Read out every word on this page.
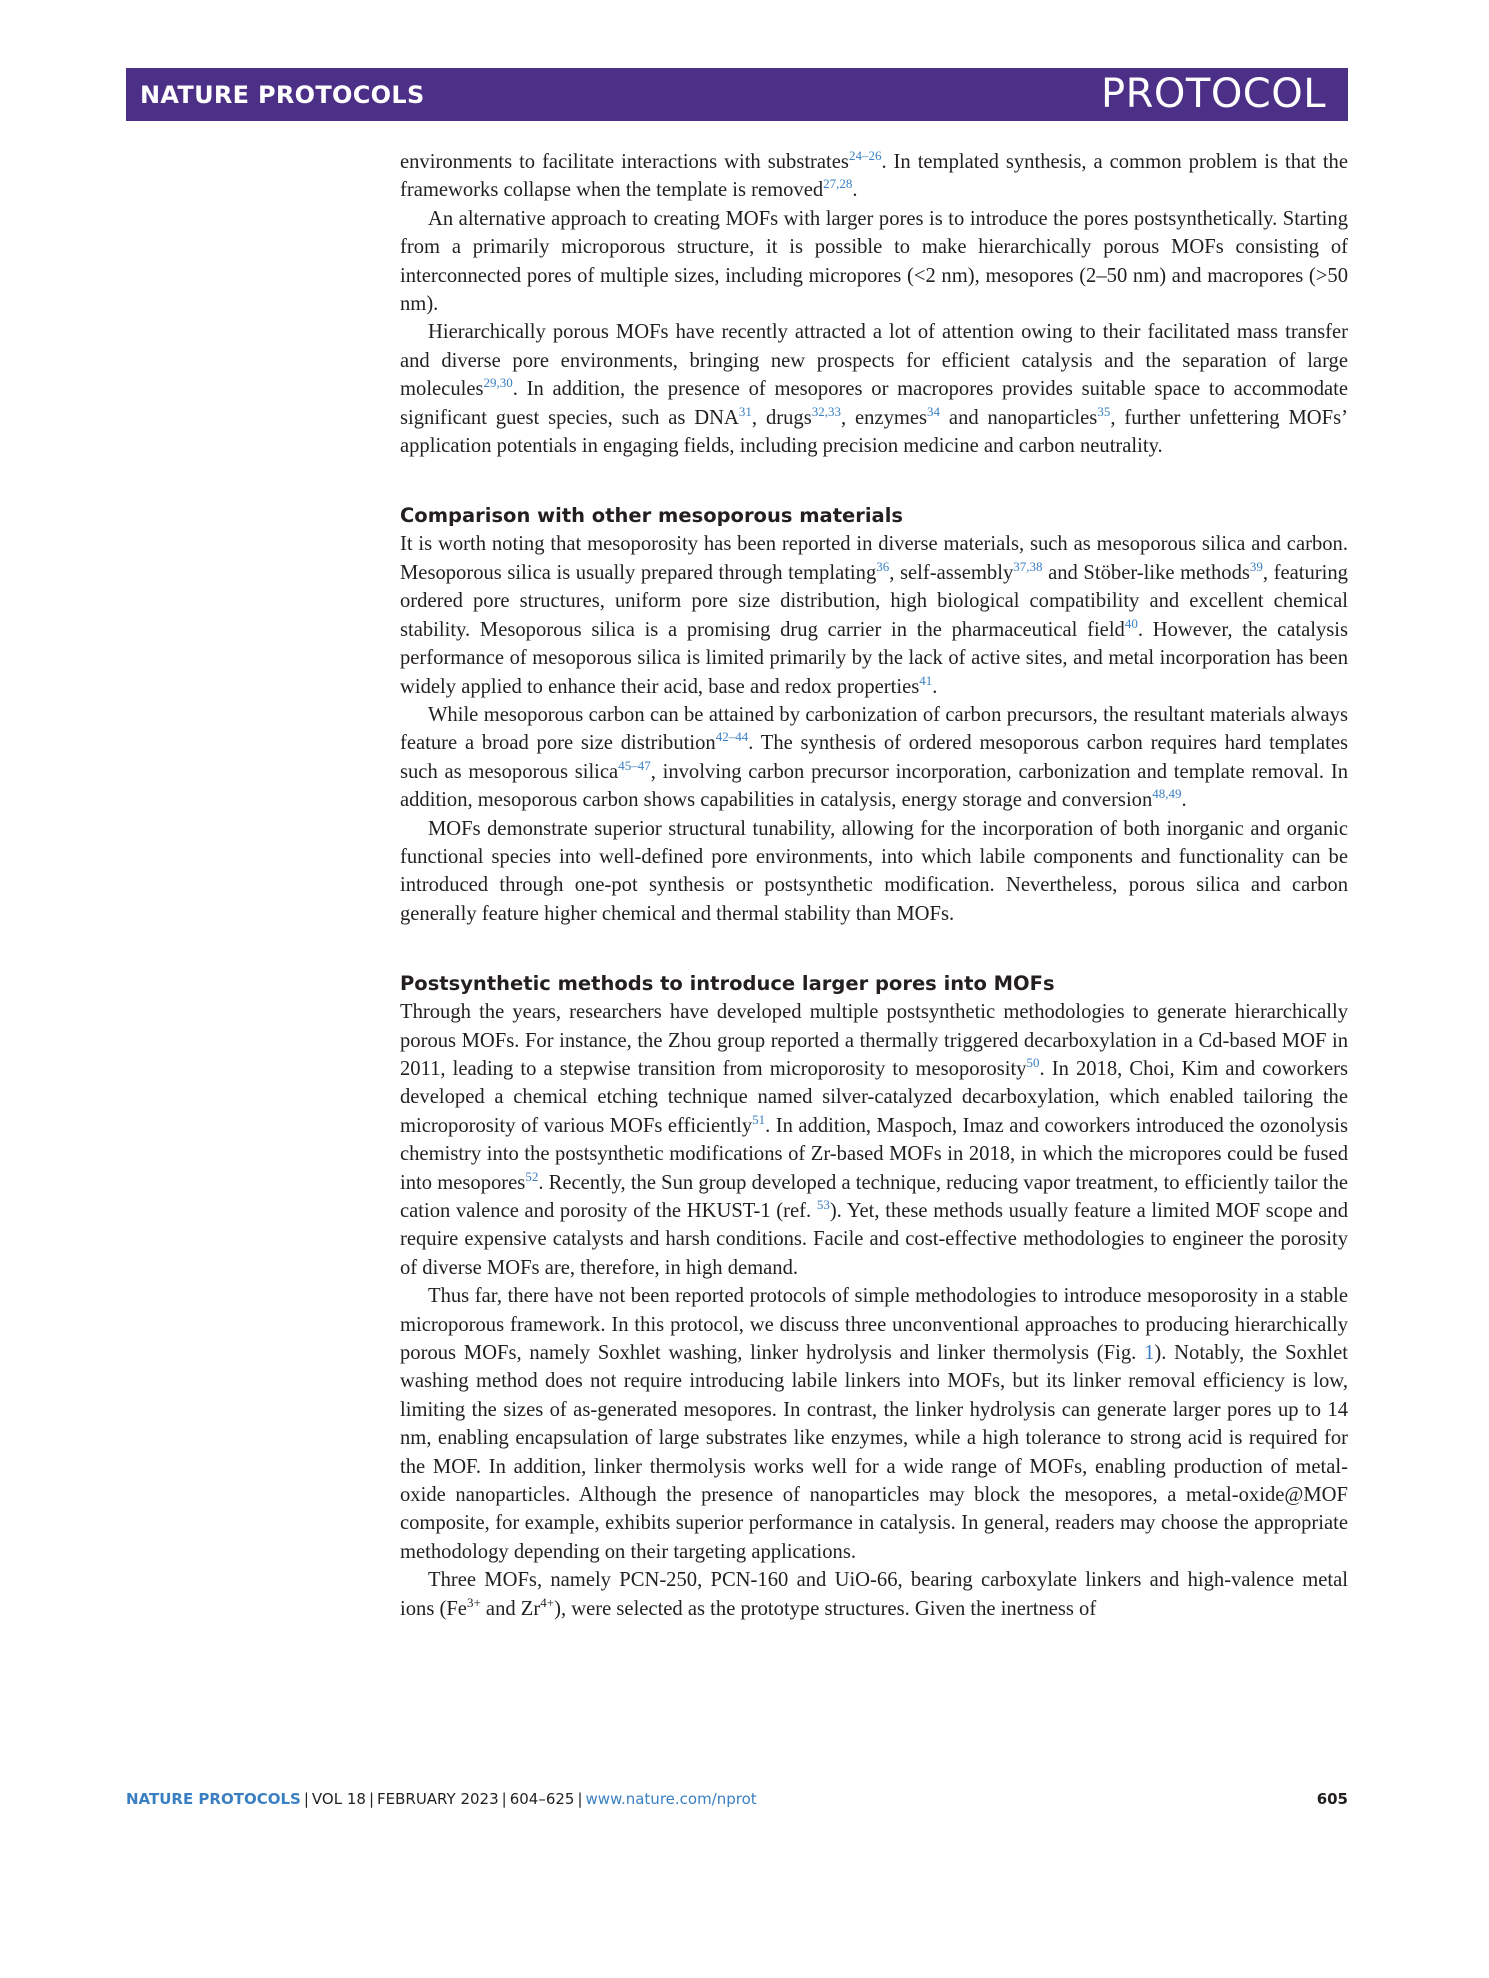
NATURE PROTOCOLS	PROTOCOL

environments to facilitate interactions with substrates$^{24-26}$. In templated synthesis, a common problem is that the frameworks collapse when the template is removed$^{27,28}$.

An alternative approach to creating MOFs with larger pores is to introduce the pores postsynthetically. Starting from a primarily microporous structure, it is possible to make hierarchically porous MOFs consisting of interconnected pores of multiple sizes, including micropores (<2 nm), mesopores (2–50 nm) and macropores (>50 nm).

Hierarchically porous MOFs have recently attracted a lot of attention owing to their facilitated mass transfer and diverse pore environments, bringing new prospects for efficient catalysis and the separation of large molecules$^{29,30}$. In addition, the presence of mesopores or macropores provides suitable space to accommodate significant guest species, such as DNA$^{31}$, drugs$^{32,33}$, enzymes$^{34}$ and nanoparticles$^{35}$, further unfettering MOFs’ application potentials in engaging fields, including precision medicine and carbon neutrality.

Comparison with other mesoporous materials

It is worth noting that mesoporosity has been reported in diverse materials, such as mesoporous silica and carbon. Mesoporous silica is usually prepared through templating$^{36}$, self-assembly$^{37,38}$ and Stöber-like methods$^{39}$, featuring ordered pore structures, uniform pore size distribution, high biological compatibility and excellent chemical stability. Mesoporous silica is a promising drug carrier in the pharmaceutical field$^{40}$. However, the catalysis performance of mesoporous silica is limited primarily by the lack of active sites, and metal incorporation has been widely applied to enhance their acid, base and redox properties$^{41}$.

While mesoporous carbon can be attained by carbonization of carbon precursors, the resultant materials always feature a broad pore size distribution$^{42-44}$. The synthesis of ordered mesoporous carbon requires hard templates such as mesoporous silica$^{45-47}$, involving carbon precursor incorporation, carbonization and template removal. In addition, mesoporous carbon shows capabilities in catalysis, energy storage and conversion$^{48,49}$.

MOFs demonstrate superior structural tunability, allowing for the incorporation of both inorganic and organic functional species into well-defined pore environments, into which labile components and functionality can be introduced through one-pot synthesis or postsynthetic modification. Nevertheless, porous silica and carbon generally feature higher chemical and thermal stability than MOFs.

Postsynthetic methods to introduce larger pores into MOFs

Through the years, researchers have developed multiple postsynthetic methodologies to generate hierarchically porous MOFs. For instance, the Zhou group reported a thermally triggered decarboxylation in a Cd-based MOF in 2011, leading to a stepwise transition from microporosity to mesoporosity$^{50}$. In 2018, Choi, Kim and coworkers developed a chemical etching technique named silver-catalyzed decarboxylation, which enabled tailoring the microporosity of various MOFs efficiently$^{51}$. In addition, Maspoch, Imaz and coworkers introduced the ozonolysis chemistry into the postsynthetic modifications of Zr-based MOFs in 2018, in which the micropores could be fused into mesopores$^{52}$. Recently, the Sun group developed a technique, reducing vapor treatment, to efficiently tailor the cation valence and porosity of the HKUST-1 (ref. $^{53}$). Yet, these methods usually feature a limited MOF scope and require expensive catalysts and harsh conditions. Facile and cost-effective methodologies to engineer the porosity of diverse MOFs are, therefore, in high demand.

Thus far, there have not been reported protocols of simple methodologies to introduce mesoporosity in a stable microporous framework. In this protocol, we discuss three unconventional approaches to producing hierarchically porous MOFs, namely Soxhlet washing, linker hydrolysis and linker thermolysis (Fig. 1). Notably, the Soxhlet washing method does not require introducing labile linkers into MOFs, but its linker removal efficiency is low, limiting the sizes of as-generated mesopores. In contrast, the linker hydrolysis can generate larger pores up to 14 nm, enabling encapsulation of large substrates like enzymes, while a high tolerance to strong acid is required for the MOF. In addition, linker thermolysis works well for a wide range of MOFs, enabling production of metal-oxide nanoparticles. Although the presence of nanoparticles may block the mesopores, a metal-oxide@MOF composite, for example, exhibits superior performance in catalysis. In general, readers may choose the appropriate methodology depending on their targeting applications.

Three MOFs, namely PCN-250, PCN-160 and UiO-66, bearing carboxylate linkers and high-valence metal ions ($Fe^{3+}$ and $Zr^{4+}$), were selected as the prototype structures. Given the inertness of

NATURE PROTOCOLS | VOL 18 | FEBRUARY 2023 | 604–625 | www.nature.com/nprot	605
